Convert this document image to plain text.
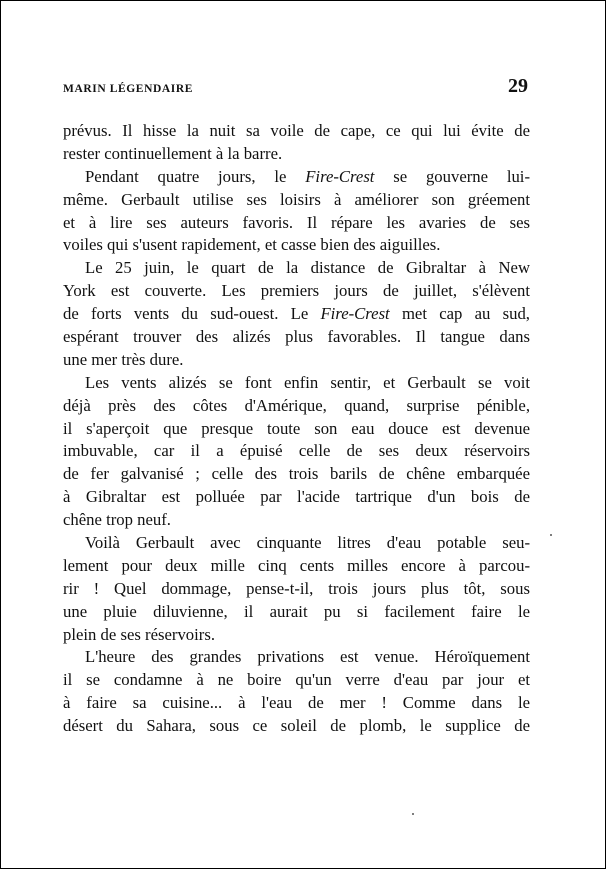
MARIN LÉGENDAIRE	29
prévus. Il hisse la nuit sa voile de cape, ce qui lui évite de
rester continuellement à la barre.
Pendant quatre jours, le Fire-Crest se gouverne lui-
même. Gerbault utilise ses loisirs à améliorer son gréement
et à lire ses auteurs favoris. Il répare les avaries de ses
voiles qui s'usent rapidement, et casse bien des aiguilles.
Le 25 juin, le quart de la distance de Gibraltar à New
York est couverte. Les premiers jours de juillet, s'élèvent
de forts vents du sud-ouest. Le Fire-Crest met cap au sud,
espérant trouver des alizés plus favorables. Il tangue dans
une mer très dure.
Les vents alizés se font enfin sentir, et Gerbault se voit
déjà près des côtes d'Amérique, quand, surprise pénible,
il s'aperçoit que presque toute son eau douce est devenue
imbuvable, car il a épuisé celle de ses deux réservoirs
de fer galvanisé ; celle des trois barils de chêne embarquée
à Gibraltar est polluée par l'acide tartrique d'un bois de
chêne trop neuf.
Voilà Gerbault avec cinquante litres d'eau potable seu-
lement pour deux mille cinq cents milles encore à parcou-
rir ! Quel dommage, pense-t-il, trois jours plus tôt, sous
une pluie diluvienne, il aurait pu si facilement faire le
plein de ses réservoirs.
L'heure des grandes privations est venue. Héroïquement
il se condamne à ne boire qu'un verre d'eau par jour et
à faire sa cuisine... à l'eau de mer ! Comme dans le
désert du Sahara, sous ce soleil de plomb, le supplice de
